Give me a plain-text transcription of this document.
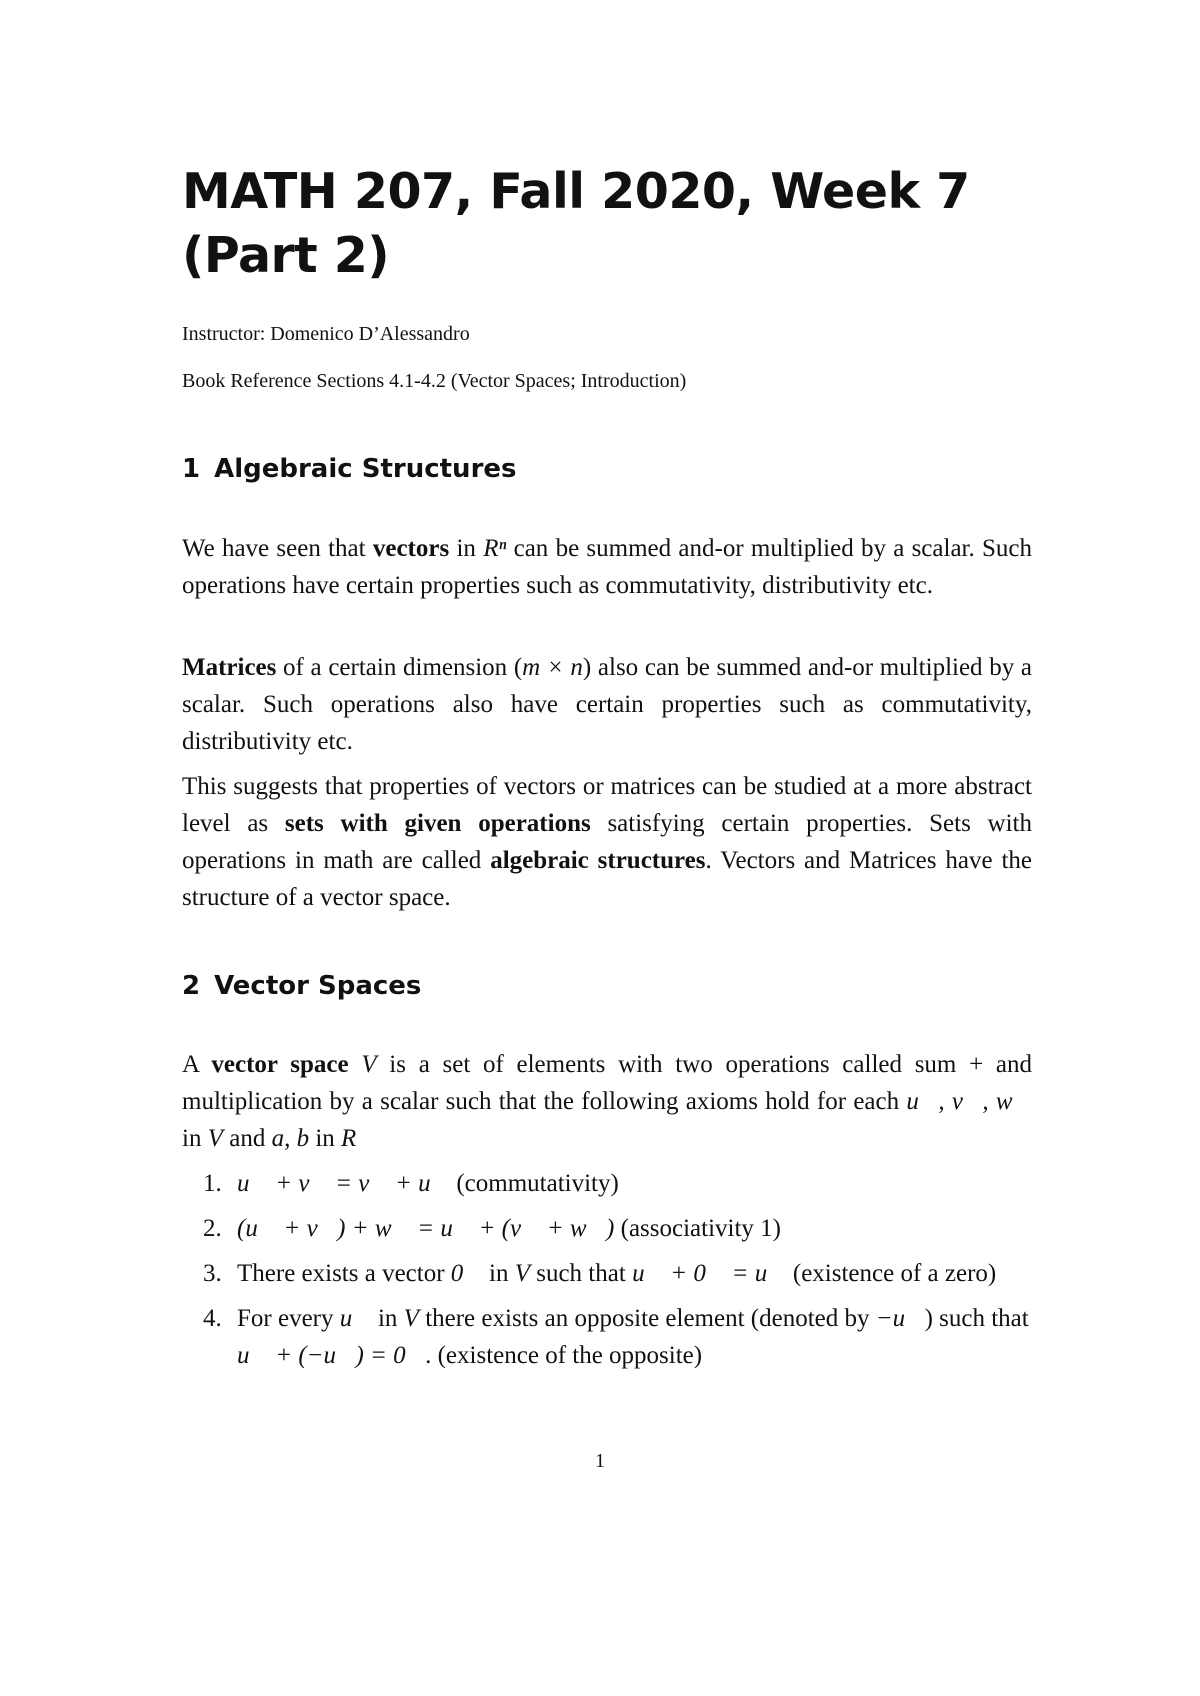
MATH 207, Fall 2020, Week 7 (Part 2)

Instructor: Domenico D’Alessandro

Book Reference Sections 4.1-4.2 (Vector Spaces; Introduction)

1 Algebraic Structures

We have seen that vectors in Rⁿ can be summed and-or multiplied by a scalar. Such operations have certain properties such as commutativity, distributivity etc.

Matrices of a certain dimension (m × n) also can be summed and-or multiplied by a scalar. Such operations also have certain properties such as commutativity, distributivity etc.

This suggests that properties of vectors or matrices can be studied at a more abstract level as sets with given operations satisfying certain properties. Sets with operations in math are called algebraic structures. Vectors and Matrices have the structure of a vector space.

2 Vector Spaces

A vector space V is a set of elements with two operations called sum + and multiplication by a scalar such that the following axioms hold for each u⃗, v⃗, w⃗ in V and a, b in R

1. u⃗ + v⃗ = v⃗ + u⃗ (commutativity)
2. (u⃗ + v⃗) + w⃗ = u⃗ + (v⃗ + w⃗) (associativity 1)
3. There exists a vector 0⃗ in V such that u⃗ + 0⃗ = u⃗ (existence of a zero)
4. For every u⃗ in V there exists an opposite element (denoted by −u⃗) such that u⃗ + (−u⃗) = 0⃗. (existence of the opposite)

1
